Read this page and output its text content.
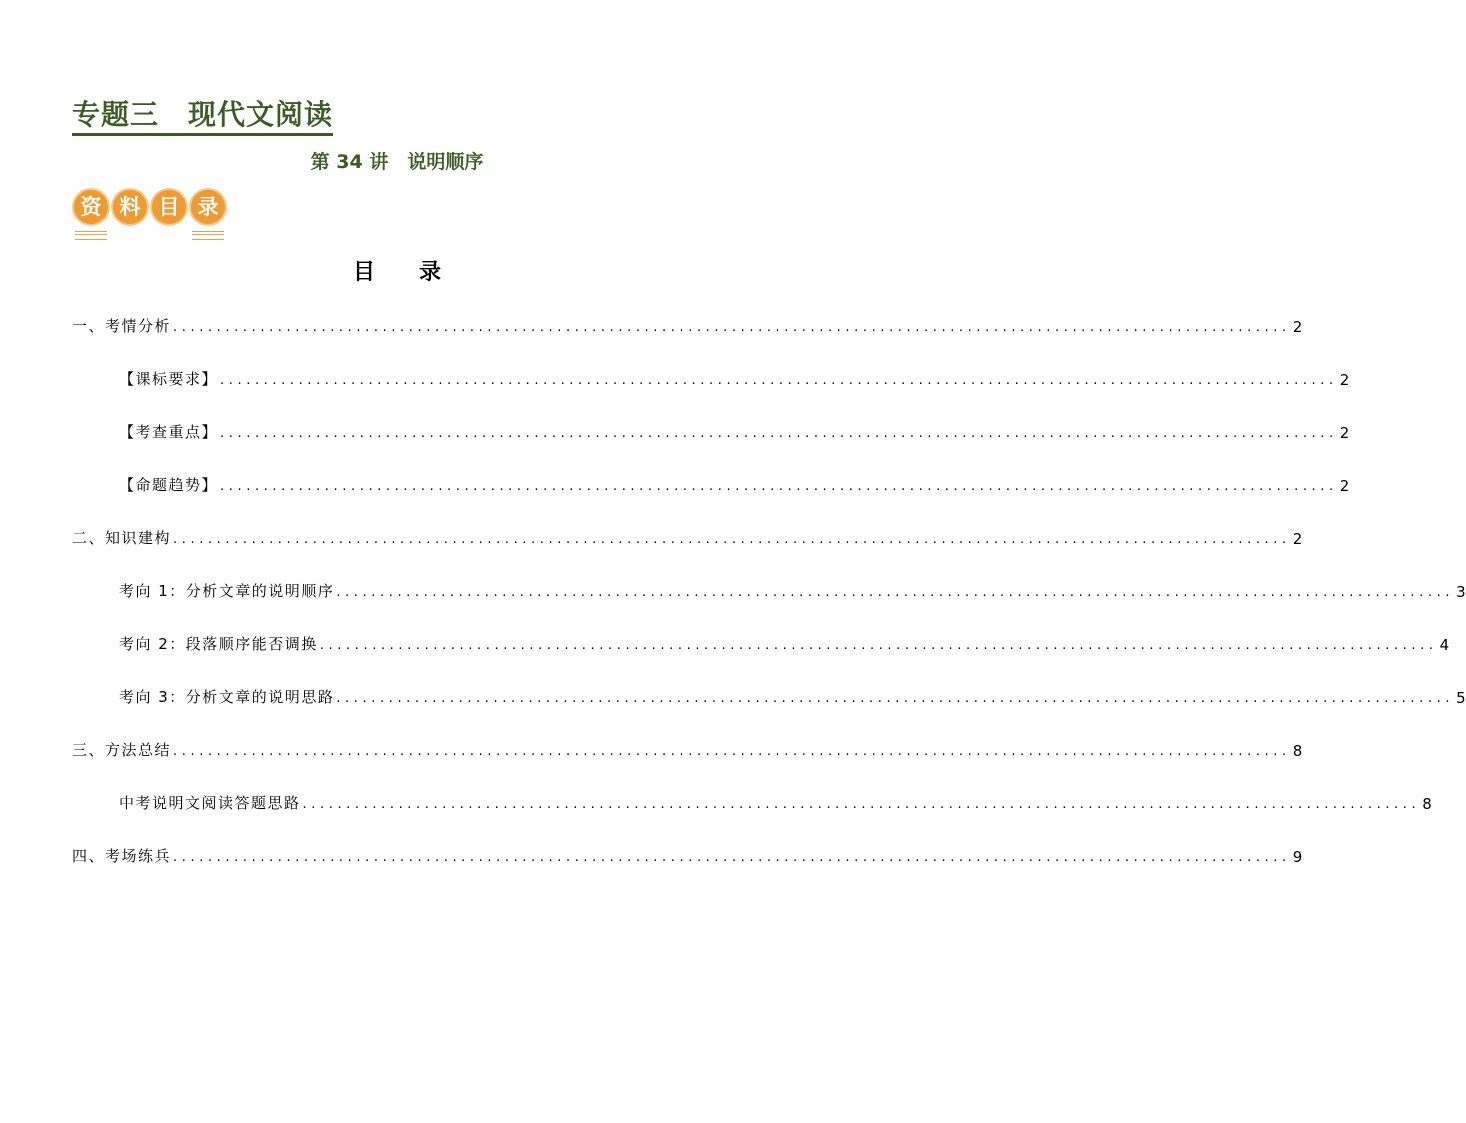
专题三　现代文阅读
第 34 讲　说明顺序
资 料 目 录
目　　录
一、考情分析 ................................................................................................................................ 2
【课标要求】 ................................................................................................................................ 2
【考查重点】 ................................................................................................................................ 2
【命题趋势】 ................................................................................................................................ 2
二、知识建构 ................................................................................................................................ 2
考向 1：分析文章的说明顺序 ................................................................................................................................ 3
考向 2：段落顺序能否调换 ................................................................................................................................ 4
考向 3：分析文章的说明思路 ................................................................................................................................ 5
三、方法总结 ................................................................................................................................ 8
中考说明文阅读答题思路 ................................................................................................................................ 8
四、考场练兵 ................................................................................................................................ 9
